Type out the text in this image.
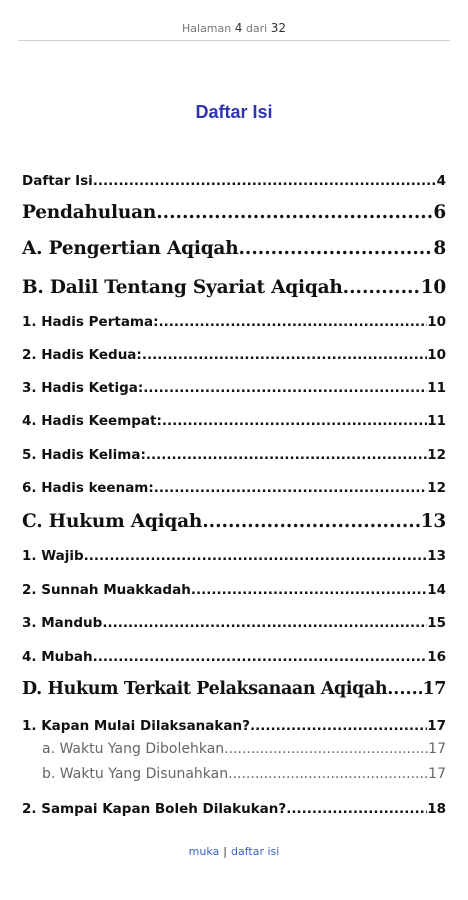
Halaman 4 dari 32
Daftar Isi
Daftar Isi .....	4
Pendahuluan .....	6
A. Pengertian Aqiqah .....	8
B. Dalil Tentang Syariat Aqiqah .....	10
1. Hadis Pertama: .....	10
2. Hadis Kedua: .....	10
3. Hadis Ketiga: .....	11
4. Hadis Keempat: .....	11
5. Hadis Kelima: .....	12
6. Hadis keenam: .....	12
C. Hukum Aqiqah .....	13
1. Wajib .....	13
2. Sunnah Muakkadah .....	14
3. Mandub .....	15
4. Mubah .....	16
D. Hukum Terkait Pelaksanaan Aqiqah ..... 17
1. Kapan Mulai Dilaksanakan? .....	17
a. Waktu Yang Dibolehkan .....	17
b. Waktu Yang Disunahkan .....	17
2. Sampai Kapan Boleh Dilakukan? .....	18
muka | daftar isi
